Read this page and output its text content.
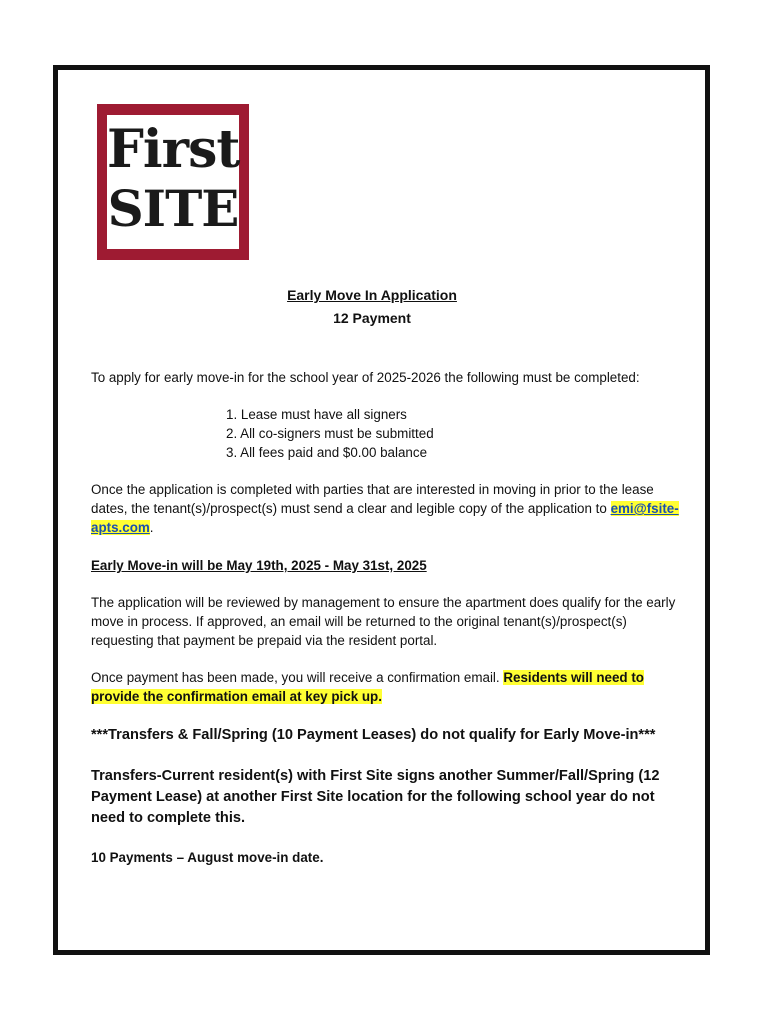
First
SITE
Early Move In Application
12 Payment

To apply for early move-in for the school year of 2025-2026 the following must be completed:

1. Lease must have all signers
2. All co-signers must be submitted
3. All fees paid and $0.00 balance

Once the application is completed with parties that are interested in moving in prior to the lease dates, the tenant(s)/prospect(s) must send a clear and legible copy of the application to emi@fsite-apts.com.

Early Move-in will be May 19th, 2025 - May 31st, 2025

The application will be reviewed by management to ensure the apartment does qualify for the early move in process. If approved, an email will be returned to the original tenant(s)/prospect(s) requesting that payment be prepaid via the resident portal.

Once payment has been made, you will receive a confirmation email. Residents will need to provide the confirmation email at key pick up.

***Transfers & Fall/Spring (10 Payment Leases) do not qualify for Early Move-in***

Transfers-Current resident(s) with First Site signs another Summer/Fall/Spring (12 Payment Lease) at another First Site location for the following school year do not need to complete this.

10 Payments – August move-in date.
